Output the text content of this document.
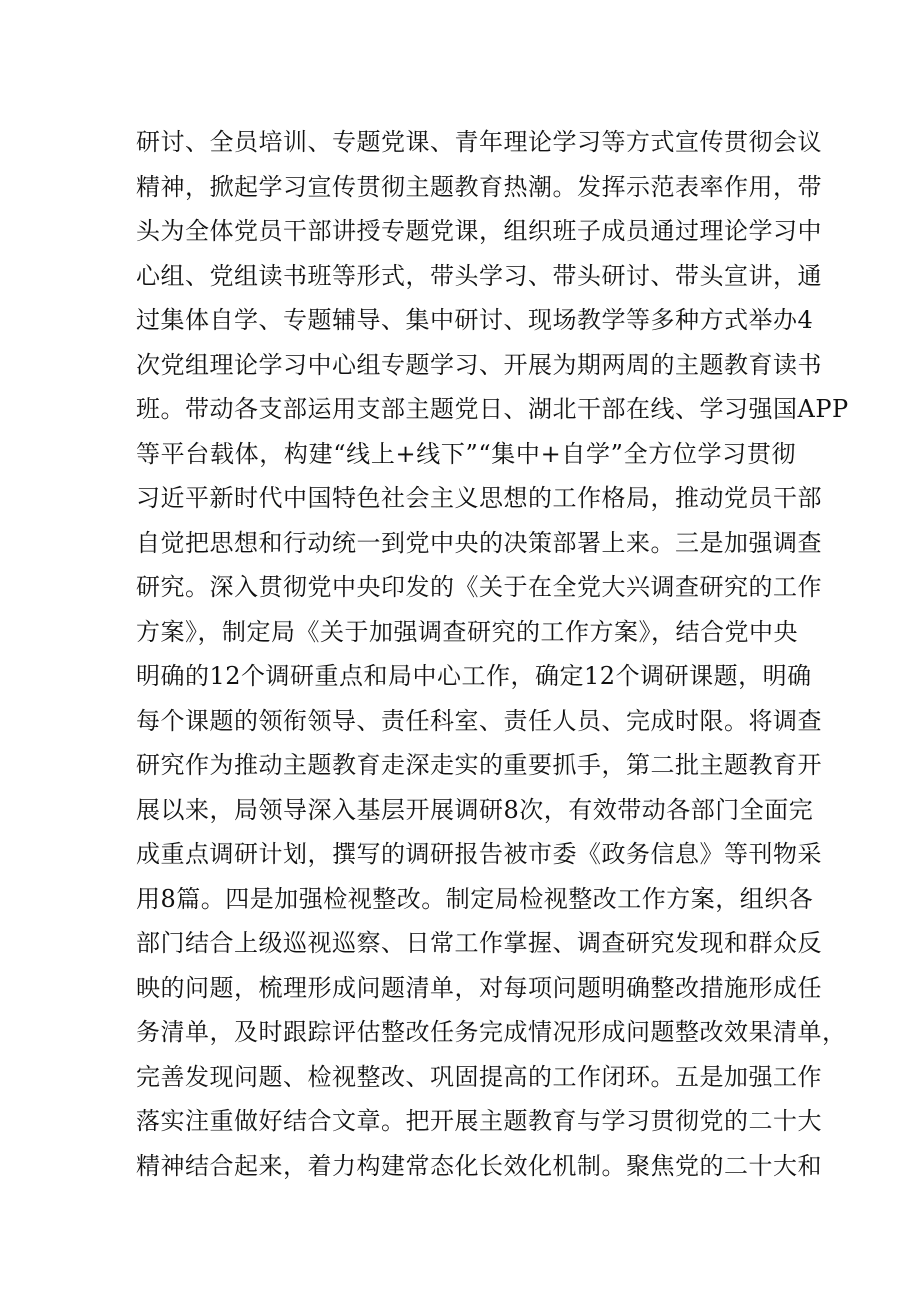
研讨、全员培训、专题党课、青年理论学习等方式宣传贯彻会议
精神，掀起学习宣传贯彻主题教育热潮。发挥示范表率作用，带
头为全体党员干部讲授专题党课，组织班子成员通过理论学习中
心组、党组读书班等形式，带头学习、带头研讨、带头宣讲，通
过集体自学、专题辅导、集中研讨、现场教学等多种方式举办4
次党组理论学习中心组专题学习、开展为期两周的主题教育读书
班。带动各支部运用支部主题党日、湖北干部在线、学习强国APP
等平台载体，构建“线上+线下”“集中+自学”全方位学习贯彻
习近平新时代中国特色社会主义思想的工作格局，推动党员干部
自觉把思想和行动统一到党中央的决策部署上来。三是加强调查
研究。深入贯彻党中央印发的《关于在全党大兴调查研究的工作
方案》，制定局《关于加强调查研究的工作方案》，结合党中央
明确的12个调研重点和局中心工作，确定12个调研课题，明确
每个课题的领衔领导、责任科室、责任人员、完成时限。将调查
研究作为推动主题教育走深走实的重要抓手，第二批主题教育开
展以来，局领导深入基层开展调研8次，有效带动各部门全面完
成重点调研计划，撰写的调研报告被市委《政务信息》等刊物采
用8篇。四是加强检视整改。制定局检视整改工作方案，组织各
部门结合上级巡视巡察、日常工作掌握、调查研究发现和群众反
映的问题，梳理形成问题清单，对每项问题明确整改措施形成任
务清单，及时跟踪评估整改任务完成情况形成问题整改效果清单，
完善发现问题、检视整改、巩固提高的工作闭环。五是加强工作
落实注重做好结合文章。把开展主题教育与学习贯彻党的二十大
精神结合起来，着力构建常态化长效化机制。聚焦党的二十大和
